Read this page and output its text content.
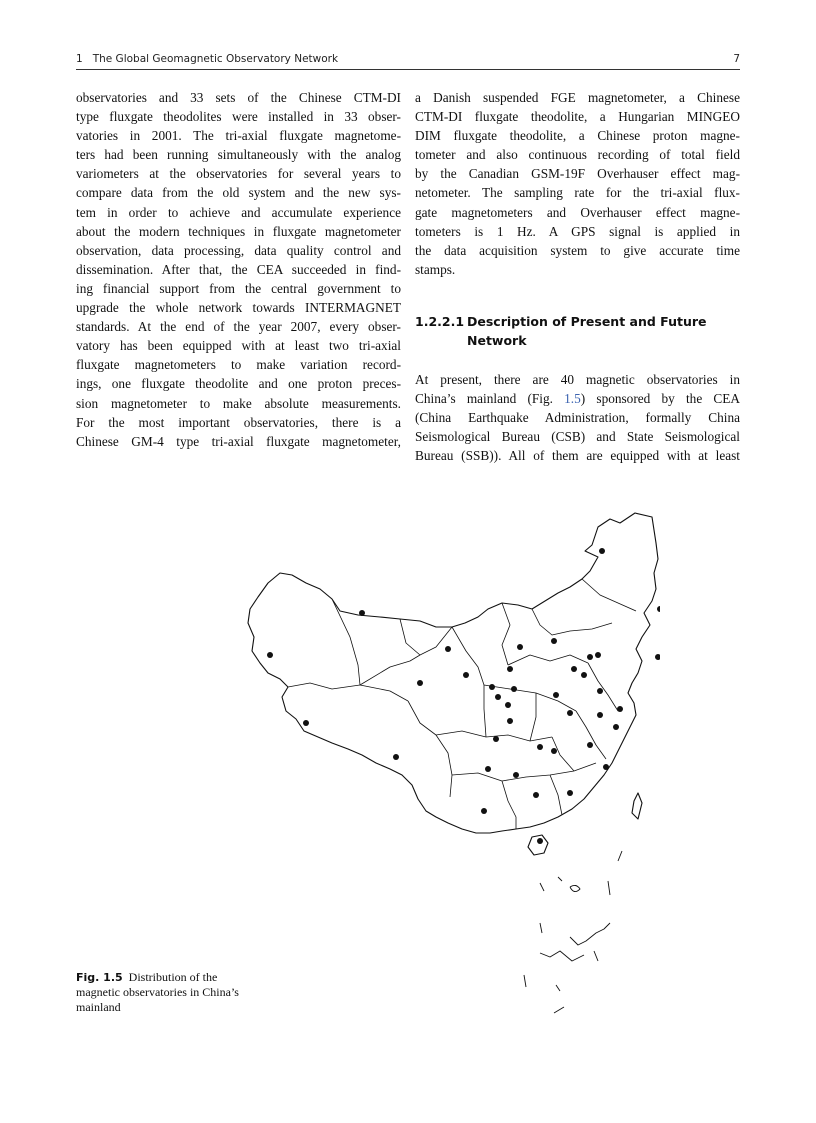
1 The Global Geomagnetic Observatory Network	7

observatories and 33 sets of the Chinese CTM-DI
type fluxgate theodolites were installed in 33 obser-
vatories in 2001. The tri-axial fluxgate magnetome-
ters had been running simultaneously with the analog
variometers at the observatories for several years to
compare data from the old system and the new sys-
tem in order to achieve and accumulate experience
about the modern techniques in fluxgate magnetometer
observation, data processing, data quality control and
dissemination. After that, the CEA succeeded in find-
ing financial support from the central government to
upgrade the whole network towards INTERMAGNET
standards. At the end of the year 2007, every obser-
vatory has been equipped with at least two tri-axial
fluxgate magnetometers to make variation record-
ings, one fluxgate theodolite and one proton preces-
sion magnetometer to make absolute measurements.
For the most important observatories, there is a
Chinese GM-4 type tri-axial fluxgate magnetometer,

a Danish suspended FGE magnetometer, a Chinese
CTM-DI fluxgate theodolite, a Hungarian MINGEO
DIM fluxgate theodolite, a Chinese proton magne-
tometer and also continuous recording of total field
by the Canadian GSM-19F Overhauser effect mag-
netometer. The sampling rate for the tri-axial flux-
gate magnetometers and Overhauser effect magne-
tometers is 1 Hz. A GPS signal is applied in
the data acquisition system to give accurate time
stamps.

1.2.2.1 Description of Present and Future Network

At present, there are 40 magnetic observatories in
China’s mainland (Fig. 1.5) sponsored by the CEA
(China Earthquake Administration, formally China
Seismological Bureau (CSB) and State Seismological
Bureau (SSB)). All of them are equipped with at least

Fig. 1.5 Distribution of the magnetic observatories in China’s mainland
